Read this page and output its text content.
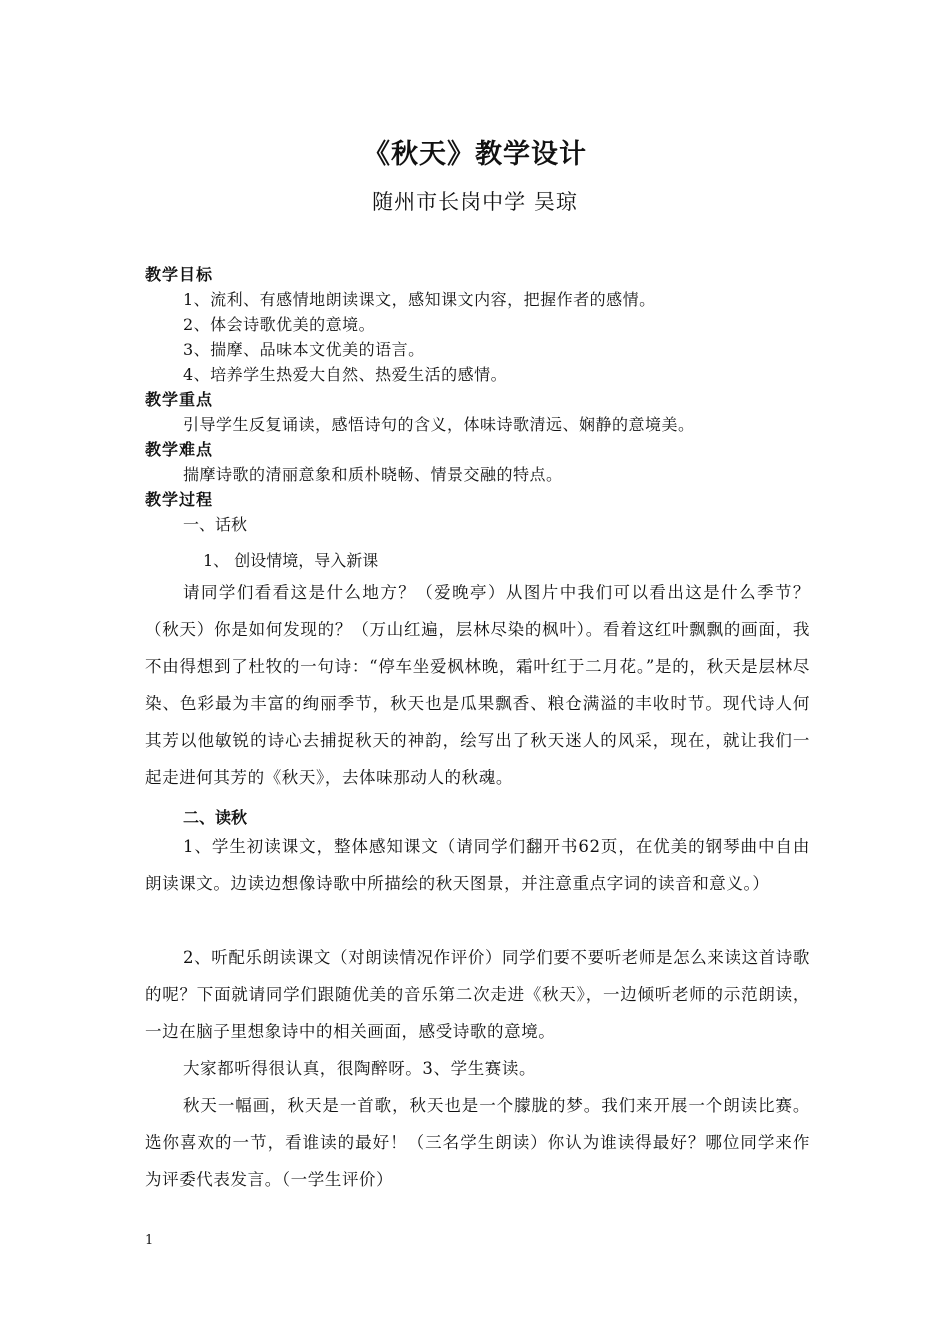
《秋天》教学设计
随州市长岗中学 吴琼
教学目标
1、流利、有感情地朗读课文，感知课文内容，把握作者的感情。
2、体会诗歌优美的意境。
3、揣摩、品味本文优美的语言。
4、培养学生热爱大自然、热爱生活的感情。
教学重点
引导学生反复诵读，感悟诗句的含义，体味诗歌清远、娴静的意境美。
教学难点
揣摩诗歌的清丽意象和质朴晓畅、情景交融的特点。
教学过程
一、话秋
1、 创设情境，导入新课
请同学们看看这是什么地方？（爱晚亭）从图片中我们可以看出这是什么季节？（秋天）你是如何发现的？（万山红遍，层林尽染的枫叶）。看着这红叶飘飘的画面，我不由得想到了杜牧的一句诗：“停车坐爱枫林晚，霜叶红于二月花。”是的，秋天是层林尽染、色彩最为丰富的绚丽季节，秋天也是瓜果飘香、粮仓满溢的丰收时节。现代诗人何其芳以他敏锐的诗心去捕捉秋天的神韵，绘写出了秋天迷人的风采，现在，就让我们一起走进何其芳的《秋天》，去体味那动人的秋魂。
二、读秋
1、学生初读课文，整体感知课文（请同学们翻开书62页，在优美的钢琴曲中自由朗读课文。边读边想像诗歌中所描绘的秋天图景，并注意重点字词的读音和意义。）
2、听配乐朗读课文（对朗读情况作评价）同学们要不要听老师是怎么来读这首诗歌的呢？下面就请同学们跟随优美的音乐第二次走进《秋天》，一边倾听老师的示范朗读，一边在脑子里想象诗中的相关画面，感受诗歌的意境。
大家都听得很认真，很陶醉呀。3、学生赛读。
秋天一幅画，秋天是一首歌，秋天也是一个朦胧的梦。我们来开展一个朗读比赛。选你喜欢的一节，看谁读的最好！（三名学生朗读）你认为谁读得最好？哪位同学来作为评委代表发言。（一学生评价）
1
